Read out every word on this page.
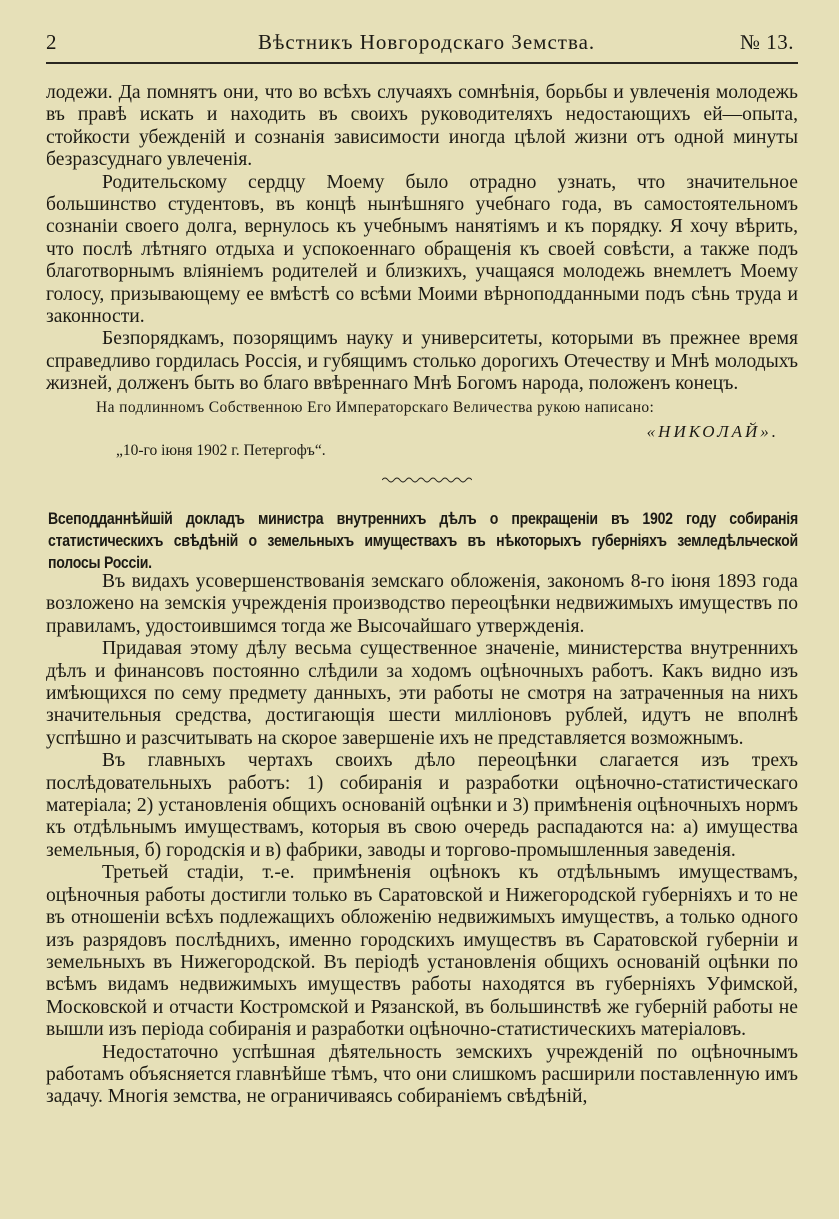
2	Вѣстникъ Новгородскаго Земства.	№ 13.

лодежи. Да помнятъ они, что во всѣхъ случаяхъ сомнѣнія, борьбы и увлеченія молодежь въ правѣ искать и находить въ своихъ руководителяхъ недостающихъ ей—опыта, стойкости убежденій и сознанія зависимости иногда цѣлой жизни отъ одной минуты безразсуднаго увлеченія.

Родительскому сердцу Моему было отрадно узнать, что значительное большинство студентовъ, въ концѣ нынѣшняго учебнаго года, въ самостоятельномъ сознаніи своего долга, вернулось къ учебнымъ нанятіямъ и къ порядку. Я хочу вѣрить, что послѣ лѣтняго отдыха и успокоеннаго обращенія къ своей совѣсти, а также подъ благотворнымъ вліяніемъ родителей и близкихъ, учащаяся молодежь внемлетъ Моему голосу, призывающему ее вмѣстѣ со всѣми Моими вѣрноподданными подъ сѣнь труда и законности.

Безпорядкамъ, позорящимъ науку и университеты, которыми въ прежнее время справедливо гордилась Россія, и губящимъ столько дорогихъ Отечеству и Мнѣ молодыхъ жизней, долженъ быть во благо ввѣреннаго Мнѣ Богомъ народа, положенъ конецъ.

На подлинномъ Собственною Его Императорскаго Величества рукою написано:
«НИКОЛАЙ».
„10-го іюня 1902 г. Петергофъ“.
Всеподданнѣйшій докладъ министра внутреннихъ дѣлъ о прекращеніи въ 1902 году собиранія статистическихъ свѣдѣній о земельныхъ имуществахъ въ нѣкоторыхъ губерніяхъ земледѣльческой полосы Россіи.

Въ видахъ усовершенствованія земскаго обложенія, закономъ 8-го іюня 1893 года возложено на земскія учрежденія производство переоцѣнки недвижимыхъ имуществъ по правиламъ, удостоившимся тогда же Высочайшаго утвержденія.

Придавая этому дѣлу весьма существенное значеніе, министерства внутреннихъ дѣлъ и финансовъ постоянно слѣдили за ходомъ оцѣночныхъ работъ. Какъ видно изъ имѣющихся по сему предмету данныхъ, эти работы не смотря на затраченныя на нихъ значительныя средства, достигающія шести милліоновъ рублей, идутъ не вполнѣ успѣшно и разсчитывать на скорое завершеніе ихъ не представляется возможнымъ.

Въ главныхъ чертахъ своихъ дѣло переоцѣнки слагается изъ трехъ послѣдовательныхъ работъ: 1) собиранія и разработки оцѣночно-статистическаго матеріала; 2) установленія общихъ основаній оцѣнки и 3) примѣненія оцѣночныхъ нормъ къ отдѣльнымъ имуществамъ, которыя въ свою очередь распадаются на: а) имущества земельныя, б) городскія и в) фабрики, заводы и торгово-промышленныя заведенія.

Третьей стадіи, т.-е. примѣненія оцѣнокъ къ отдѣльнымъ имуществамъ, оцѣночныя работы достигли только въ Саратовской и Нижегородской губерніяхъ и то не въ отношеніи всѣхъ подлежащихъ обложенію недвижимыхъ имуществъ, а только одного изъ разрядовъ послѣднихъ, именно городскихъ имуществъ въ Саратовской губерніи и земельныхъ въ Нижегородской. Въ періодѣ установленія общихъ основаній оцѣнки по всѣмъ видамъ недвижимыхъ имуществъ работы находятся въ губерніяхъ Уфимской, Московской и отчасти Костромской и Рязанской, въ большинствѣ же губерній работы не вышли изъ періода собиранія и разработки оцѣночно-статистическихъ матеріаловъ.

Недостаточно успѣшная дѣятельность земскихъ учрежденій по оцѣночнымъ работамъ объясняется главнѣйше тѣмъ, что они слишкомъ расширили поставленную имъ задачу. Многія земства, не ограничиваясь собираніемъ свѣдѣній,
